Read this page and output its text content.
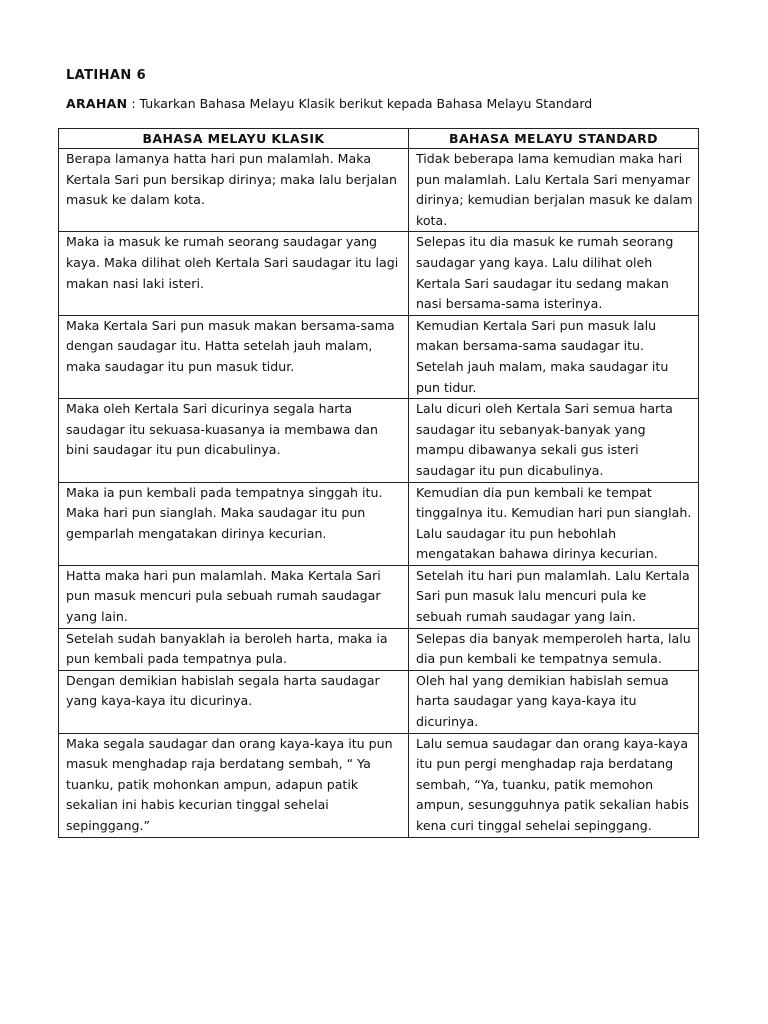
LATIHAN 6
ARAHAN : Tukarkan Bahasa Melayu Klasik berikut kepada Bahasa Melayu Standard
BAHASA MELAYU KLASIK	BAHASA MELAYU STANDARD
Berapa lamanya hatta hari pun malamlah. Maka Kertala Sari pun bersikap dirinya; maka lalu berjalan masuk ke dalam kota.	Tidak beberapa lama kemudian maka hari pun malamlah. Lalu Kertala Sari menyamar dirinya; kemudian berjalan masuk ke dalam kota.
Maka ia masuk ke rumah seorang saudagar yang kaya. Maka dilihat oleh Kertala Sari saudagar itu lagi makan nasi laki isteri.	Selepas itu dia masuk ke rumah seorang saudagar yang kaya. Lalu dilihat oleh Kertala Sari saudagar itu sedang makan nasi bersama-sama isterinya.
Maka Kertala Sari pun masuk makan bersama-sama dengan saudagar itu. Hatta setelah jauh malam, maka saudagar itu pun masuk tidur.	Kemudian Kertala Sari pun masuk lalu makan bersama-sama saudagar itu. Setelah jauh malam, maka saudagar itu pun tidur.
Maka oleh Kertala Sari dicurinya segala harta saudagar itu sekuasa-kuasanya ia membawa dan bini saudagar itu pun dicabulinya.	Lalu dicuri oleh Kertala Sari semua harta saudagar itu sebanyak-banyak yang mampu dibawanya sekali gus isteri saudagar itu pun dicabulinya.
Maka ia pun kembali pada tempatnya singgah itu. Maka hari pun sianglah. Maka saudagar itu pun gemparlah mengatakan dirinya kecurian.	Kemudian dia pun kembali ke tempat tinggalnya itu. Kemudian hari pun sianglah. Lalu saudagar itu pun hebohlah mengatakan bahawa dirinya kecurian.
Hatta maka hari pun malamlah. Maka Kertala Sari pun masuk mencuri pula sebuah rumah saudagar yang lain.	Setelah itu hari pun malamlah. Lalu Kertala Sari pun masuk lalu mencuri pula ke sebuah rumah saudagar yang lain.
Setelah sudah banyaklah ia beroleh harta, maka ia pun kembali pada tempatnya pula.	Selepas dia banyak memperoleh harta, lalu dia pun kembali ke tempatnya semula.
Dengan demikian habislah segala harta saudagar yang kaya-kaya itu dicurinya.	Oleh hal yang demikian habislah semua harta saudagar yang kaya-kaya itu dicurinya.
Maka segala saudagar dan orang kaya-kaya itu pun masuk menghadap raja berdatang sembah, “ Ya tuanku, patik mohonkan ampun, adapun patik sekalian ini habis kecurian tinggal sehelai sepinggang.”	Lalu semua saudagar dan orang kaya-kaya itu pun pergi menghadap raja berdatang sembah, “Ya, tuanku, patik memohon ampun, sesungguhnya patik sekalian habis kena curi tinggal sehelai sepinggang.
